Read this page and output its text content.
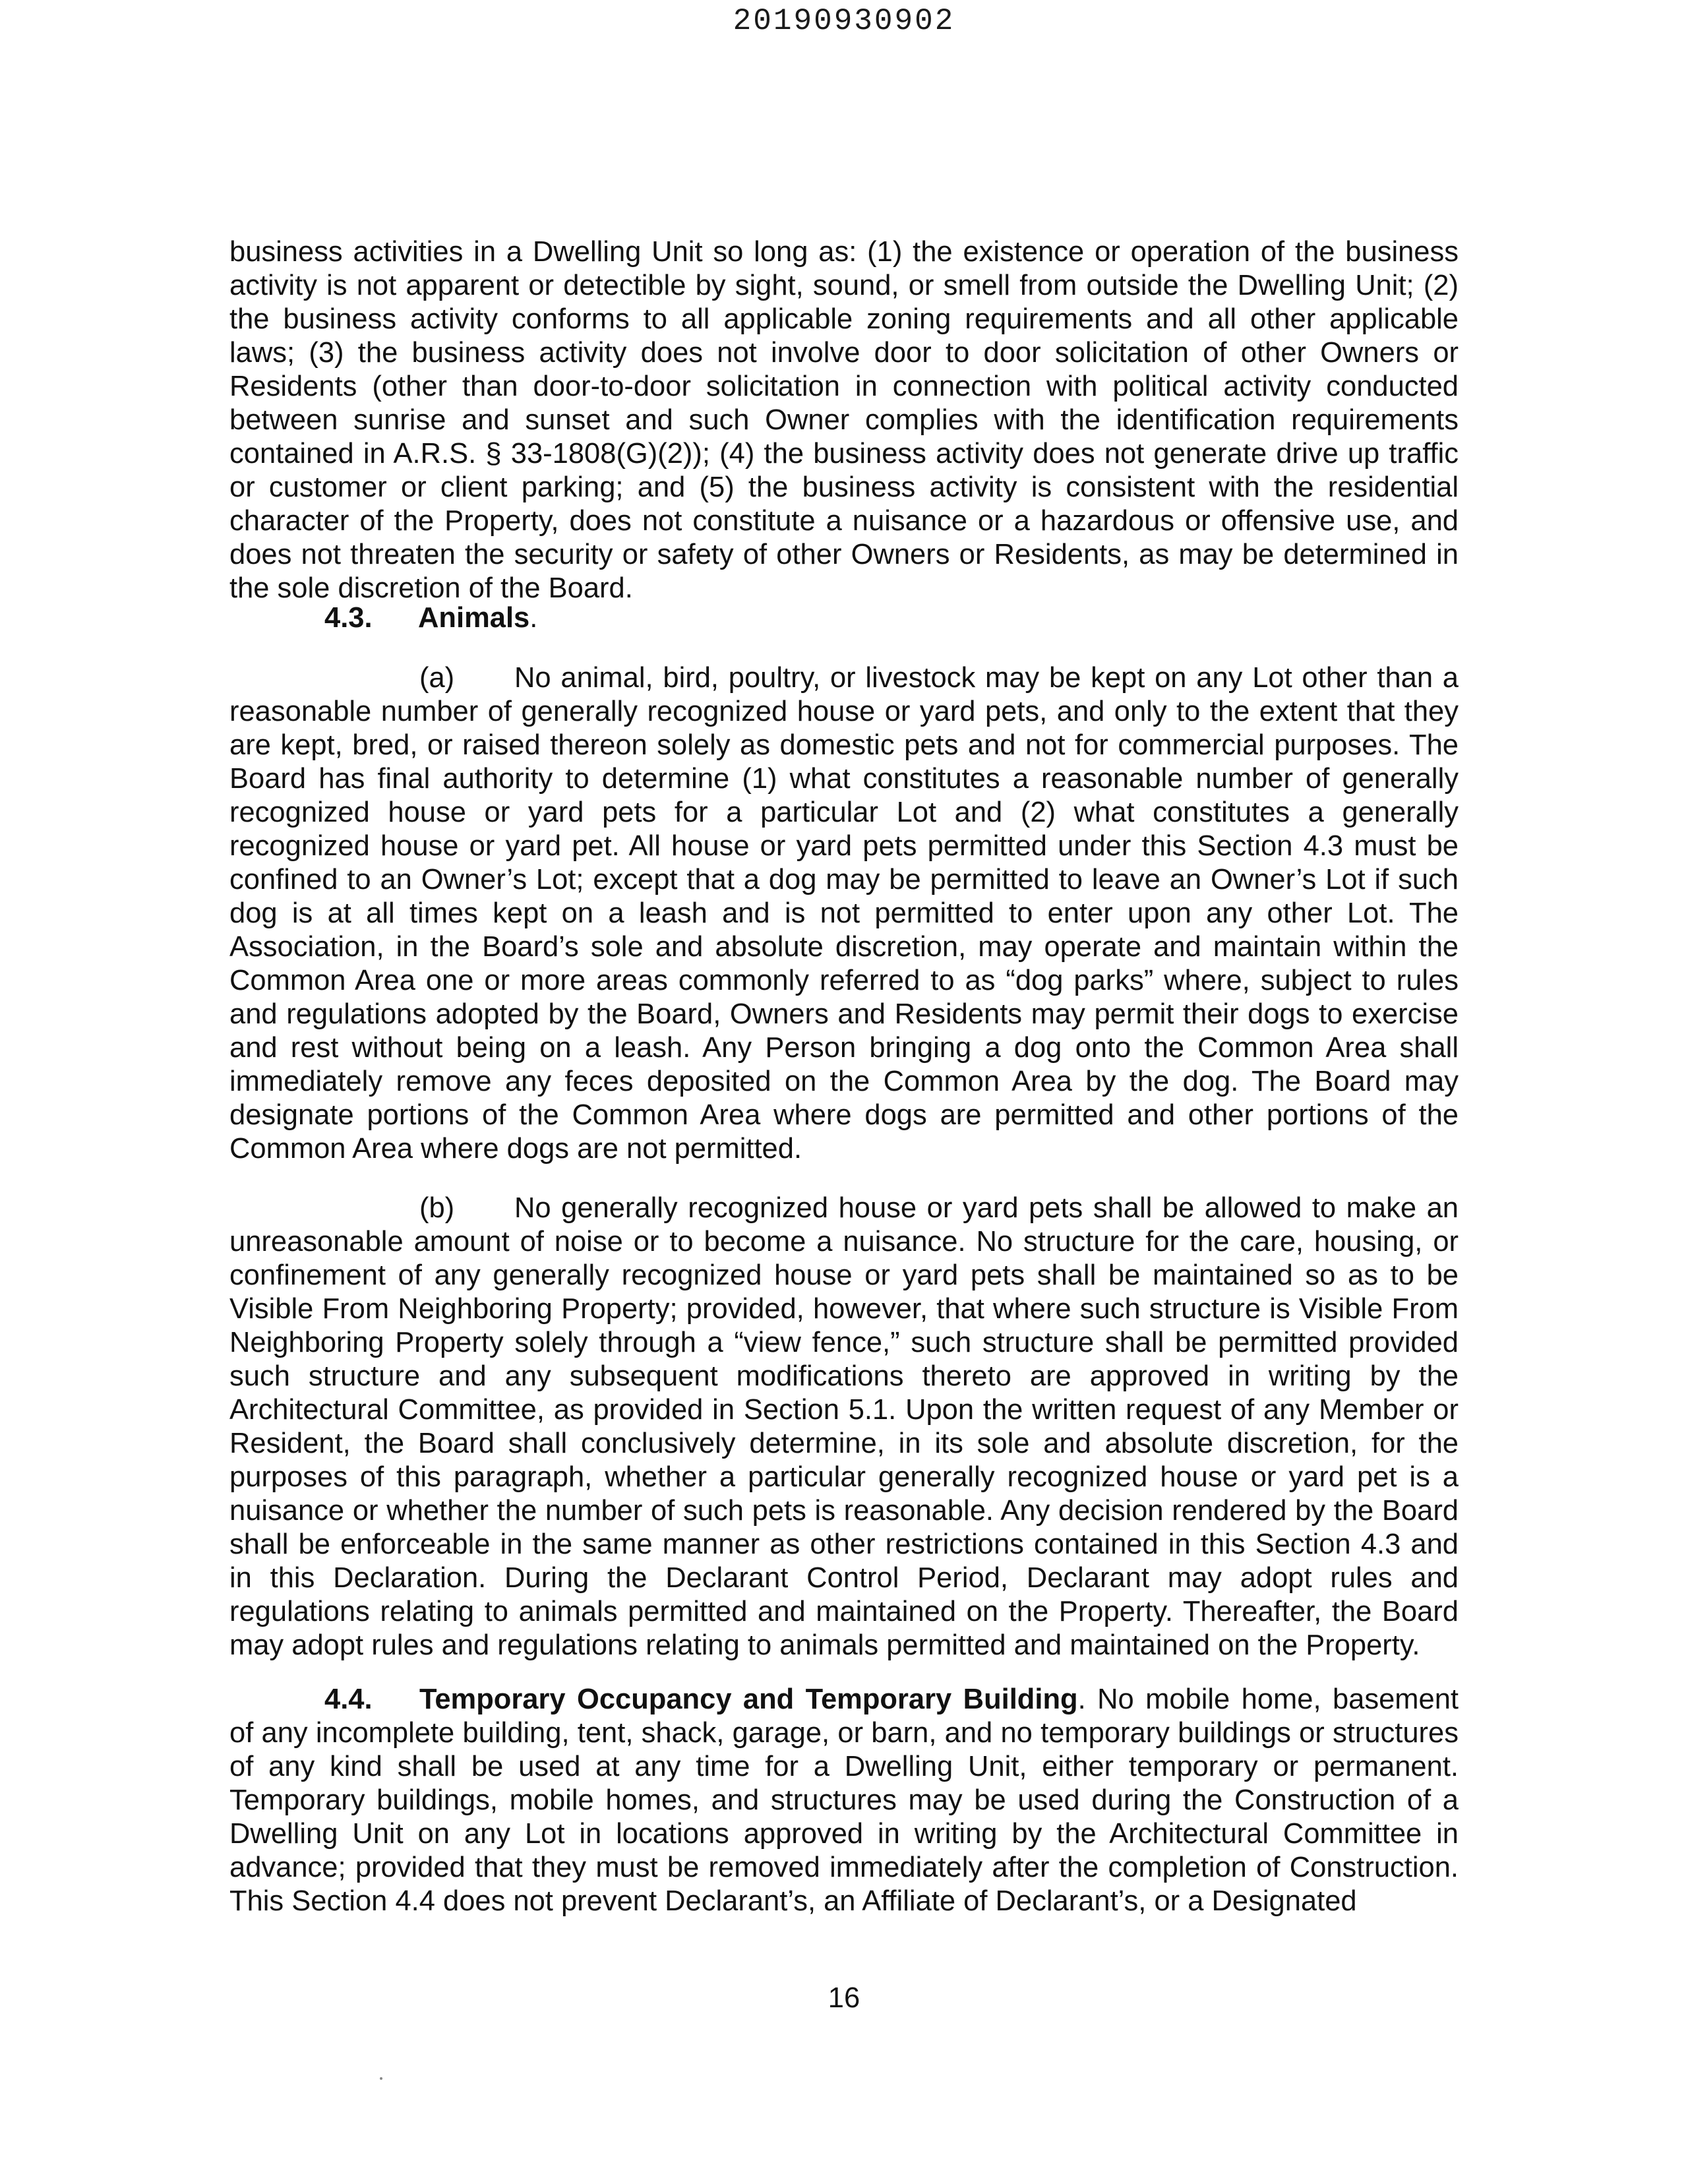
20190930902

business activities in a Dwelling Unit so long as: (1) the existence or operation of the business activity is not apparent or detectible by sight, sound, or smell from outside the Dwelling Unit; (2) the business activity conforms to all applicable zoning requirements and all other applicable laws; (3) the business activity does not involve door to door solicitation of other Owners or Residents (other than door-to-door solicitation in connection with political activity conducted between sunrise and sunset and such Owner complies with the identification requirements contained in A.R.S. § 33-1808(G)(2)); (4) the business activity does not generate drive up traffic or customer or client parking; and (5) the business activity is consistent with the residential character of the Property, does not constitute a nuisance or a hazardous or offensive use, and does not threaten the security or safety of other Owners or Residents, as may be determined in the sole discretion of the Board.

4.3. Animals.

(a) No animal, bird, poultry, or livestock may be kept on any Lot other than a reasonable number of generally recognized house or yard pets, and only to the extent that they are kept, bred, or raised thereon solely as domestic pets and not for commercial purposes. The Board has final authority to determine (1) what constitutes a reasonable number of generally recognized house or yard pets for a particular Lot and (2) what constitutes a generally recognized house or yard pet. All house or yard pets permitted under this Section 4.3 must be confined to an Owner’s Lot; except that a dog may be permitted to leave an Owner’s Lot if such dog is at all times kept on a leash and is not permitted to enter upon any other Lot. The Association, in the Board’s sole and absolute discretion, may operate and maintain within the Common Area one or more areas commonly referred to as “dog parks” where, subject to rules and regulations adopted by the Board, Owners and Residents may permit their dogs to exercise and rest without being on a leash. Any Person bringing a dog onto the Common Area shall immediately remove any feces deposited on the Common Area by the dog. The Board may designate portions of the Common Area where dogs are permitted and other portions of the Common Area where dogs are not permitted.

(b) No generally recognized house or yard pets shall be allowed to make an unreasonable amount of noise or to become a nuisance. No structure for the care, housing, or confinement of any generally recognized house or yard pets shall be maintained so as to be Visible From Neighboring Property; provided, however, that where such structure is Visible From Neighboring Property solely through a “view fence,” such structure shall be permitted provided such structure and any subsequent modifications thereto are approved in writing by the Architectural Committee, as provided in Section 5.1. Upon the written request of any Member or Resident, the Board shall conclusively determine, in its sole and absolute discretion, for the purposes of this paragraph, whether a particular generally recognized house or yard pet is a nuisance or whether the number of such pets is reasonable. Any decision rendered by the Board shall be enforceable in the same manner as other restrictions contained in this Section 4.3 and in this Declaration. During the Declarant Control Period, Declarant may adopt rules and regulations relating to animals permitted and maintained on the Property. Thereafter, the Board may adopt rules and regulations relating to animals permitted and maintained on the Property.

4.4. Temporary Occupancy and Temporary Building. No mobile home, basement of any incomplete building, tent, shack, garage, or barn, and no temporary buildings or structures of any kind shall be used at any time for a Dwelling Unit, either temporary or permanent. Temporary buildings, mobile homes, and structures may be used during the Construction of a Dwelling Unit on any Lot in locations approved in writing by the Architectural Committee in advance; provided that they must be removed immediately after the completion of Construction. This Section 4.4 does not prevent Declarant’s, an Affiliate of Declarant’s, or a Designated

16
